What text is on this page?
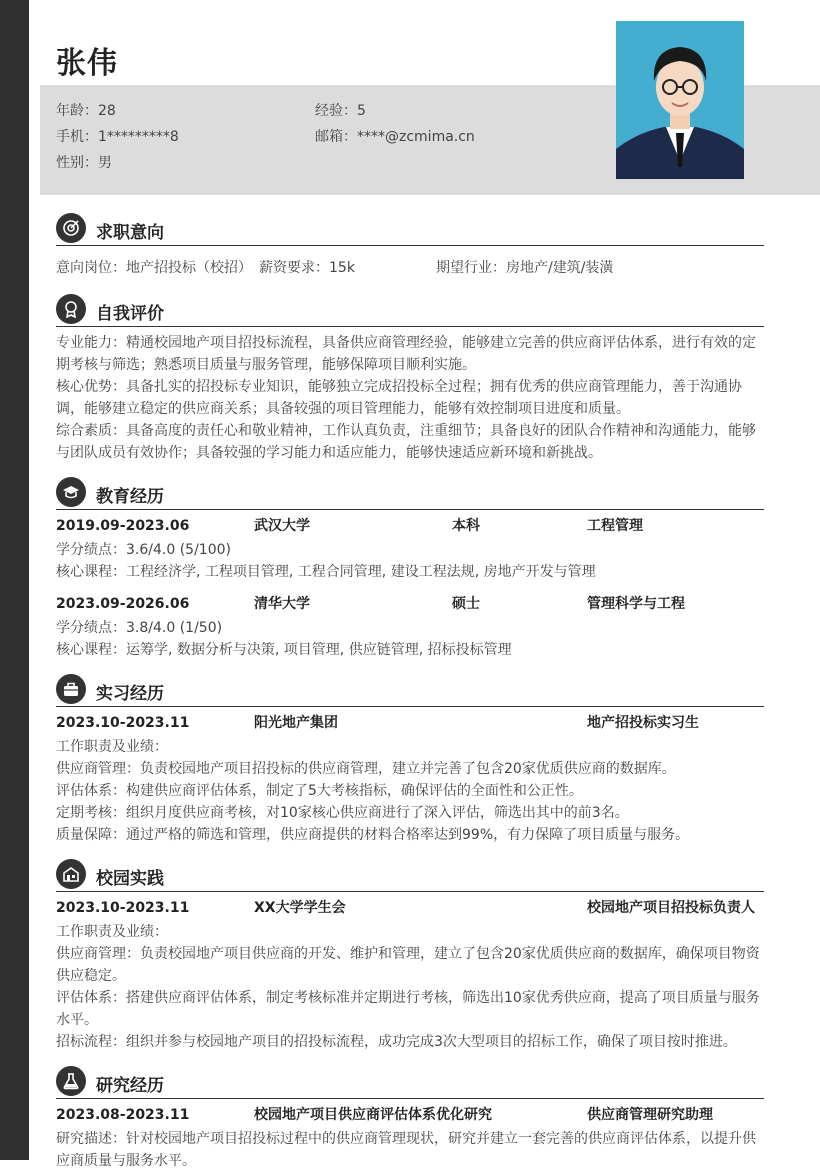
张伟
年龄：28	经验：5
手机：1*********8	邮箱：****@zcmima.cn
性别：男
求职意向
意向岗位：地产招投标（校招） 薪资要求：15k	期望行业：房地产/建筑/装潢
自我评价
专业能力：精通校园地产项目招投标流程，具备供应商管理经验，能够建立完善的供应商评估体系，进行有效的定
期考核与筛选；熟悉项目质量与服务管理，能够保障项目顺利实施。
核心优势：具备扎实的招投标专业知识，能够独立完成招投标全过程；拥有优秀的供应商管理能力，善于沟通协
调，能够建立稳定的供应商关系；具备较强的项目管理能力，能够有效控制项目进度和质量。
综合素质：具备高度的责任心和敬业精神，工作认真负责，注重细节；具备良好的团队合作精神和沟通能力，能够
与团队成员有效协作；具备较强的学习能力和适应能力，能够快速适应新环境和新挑战。
教育经历
2019.09-2023.06	武汉大学	本科	工程管理
学分绩点：3.6/4.0 (5/100)
核心课程：工程经济学, 工程项目管理, 工程合同管理, 建设工程法规, 房地产开发与管理
2023.09-2026.06	清华大学	硕士	管理科学与工程
学分绩点：3.8/4.0 (1/50)
核心课程：运筹学, 数据分析与决策, 项目管理, 供应链管理, 招标投标管理
实习经历
2023.10-2023.11	阳光地产集团	地产招投标实习生
工作职责及业绩：
供应商管理：负责校园地产项目招投标的供应商管理，建立并完善了包含20家优质供应商的数据库。
评估体系：构建供应商评估体系，制定了5大考核指标，确保评估的全面性和公正性。
定期考核：组织月度供应商考核，对10家核心供应商进行了深入评估，筛选出其中的前3名。
质量保障：通过严格的筛选和管理，供应商提供的材料合格率达到99%，有力保障了项目质量与服务。
校园实践
2023.10-2023.11	XX大学学生会	校园地产项目招投标负责人
工作职责及业绩：
供应商管理：负责校园地产项目供应商的开发、维护和管理，建立了包含20家优质供应商的数据库，确保项目物资
供应稳定。
评估体系：搭建供应商评估体系，制定考核标准并定期进行考核，筛选出10家优秀供应商，提高了项目质量与服务
水平。
招标流程：组织并参与校园地产项目的招投标流程，成功完成3次大型项目的招标工作，确保了项目按时推进。
研究经历
2023.08-2023.11	校园地产项目供应商评估体系优化研究	供应商管理研究助理
研究描述：针对校园地产项目招投标过程中的供应商管理现状，研究并建立一套完善的供应商评估体系，以提升供
应商质量与服务水平。
